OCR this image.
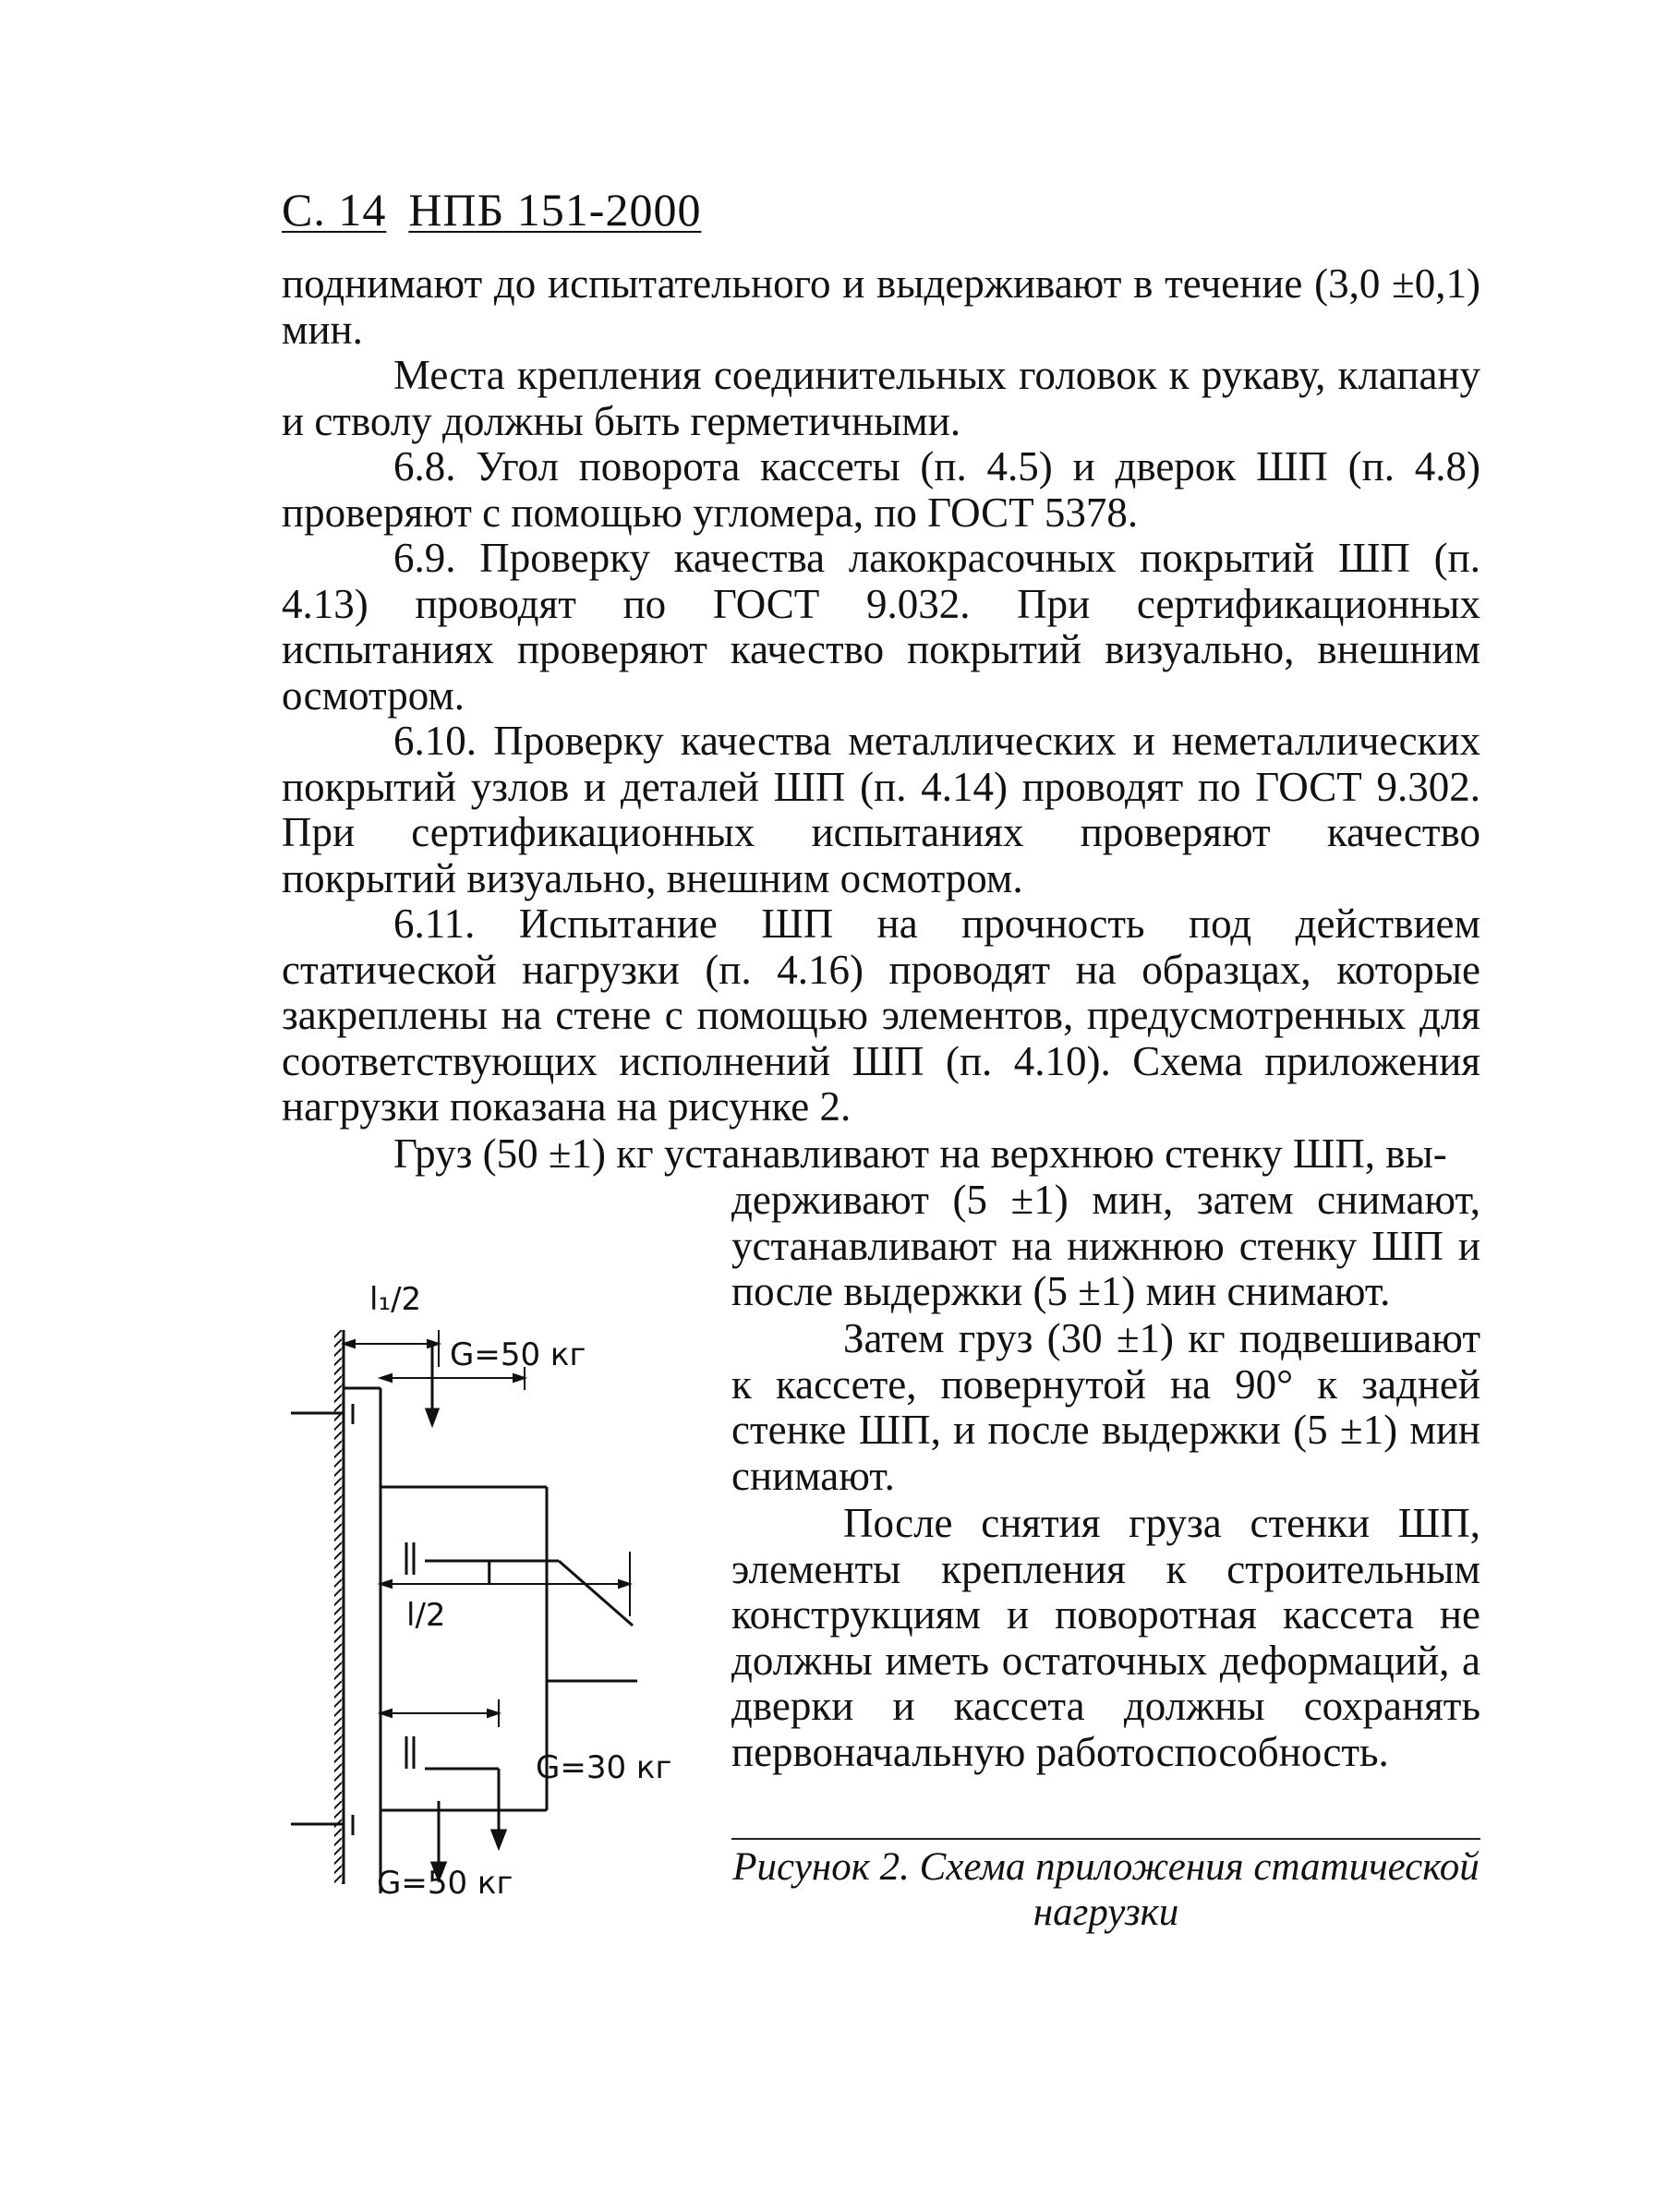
С. 14 НПБ 151-2000
поднимают до испытательного и выдерживают в течение (3,0 ±0,1) мин.
Места крепления соединительных головок к рукаву, клапану и стволу должны быть герметичными.
6.8. Угол поворота кассеты (п. 4.5) и дверок ШП (п. 4.8) проверяют с помощью угломера, по ГОСТ 5378.
6.9. Проверку качества лакокрасочных покрытий ШП (п. 4.13) проводят по ГОСТ 9.032. При сертификационных испытаниях проверяют качество покрытий визуально, внешним осмотром.
6.10. Проверку качества металлических и неметаллических покрытий узлов и деталей ШП (п. 4.14) проводят по ГОСТ 9.302. При сертификационных испытаниях проверяют качество покрытий визуально, внешним осмотром.
6.11. Испытание ШП на прочность под действием статической нагрузки (п. 4.16) проводят на образцах, которые закреплены на стене с помощью элементов, предусмотренных для соответствующих исполнений ШП (п. 4.10). Схема приложения нагрузки показана на рисунке 2.
Груз (50 ±1) кг устанавливают на верхнюю стенку ШП, вы-
держивают (5 ±1) мин, затем снимают, устанавливают на нижнюю стенку ШП и после выдержки (5 ±1) мин снимают.
Затем груз (30 ±1) кг подвешивают к кассете, повернутой на 90° к задней стенке ШП, и после выдержки (5 ±1) мин снимают.
После снятия груза стенки ШП, элементы крепления к строительным конструкциям и поворотная кассета не должны иметь остаточных деформаций, а дверки и кассета должны сохранять первоначальную работоспособность.
l₁/2
l
l/2
G=50 кг
G=30 кг
G=50 кг	Рисунок 2. Схема приложения статической
нагрузки
